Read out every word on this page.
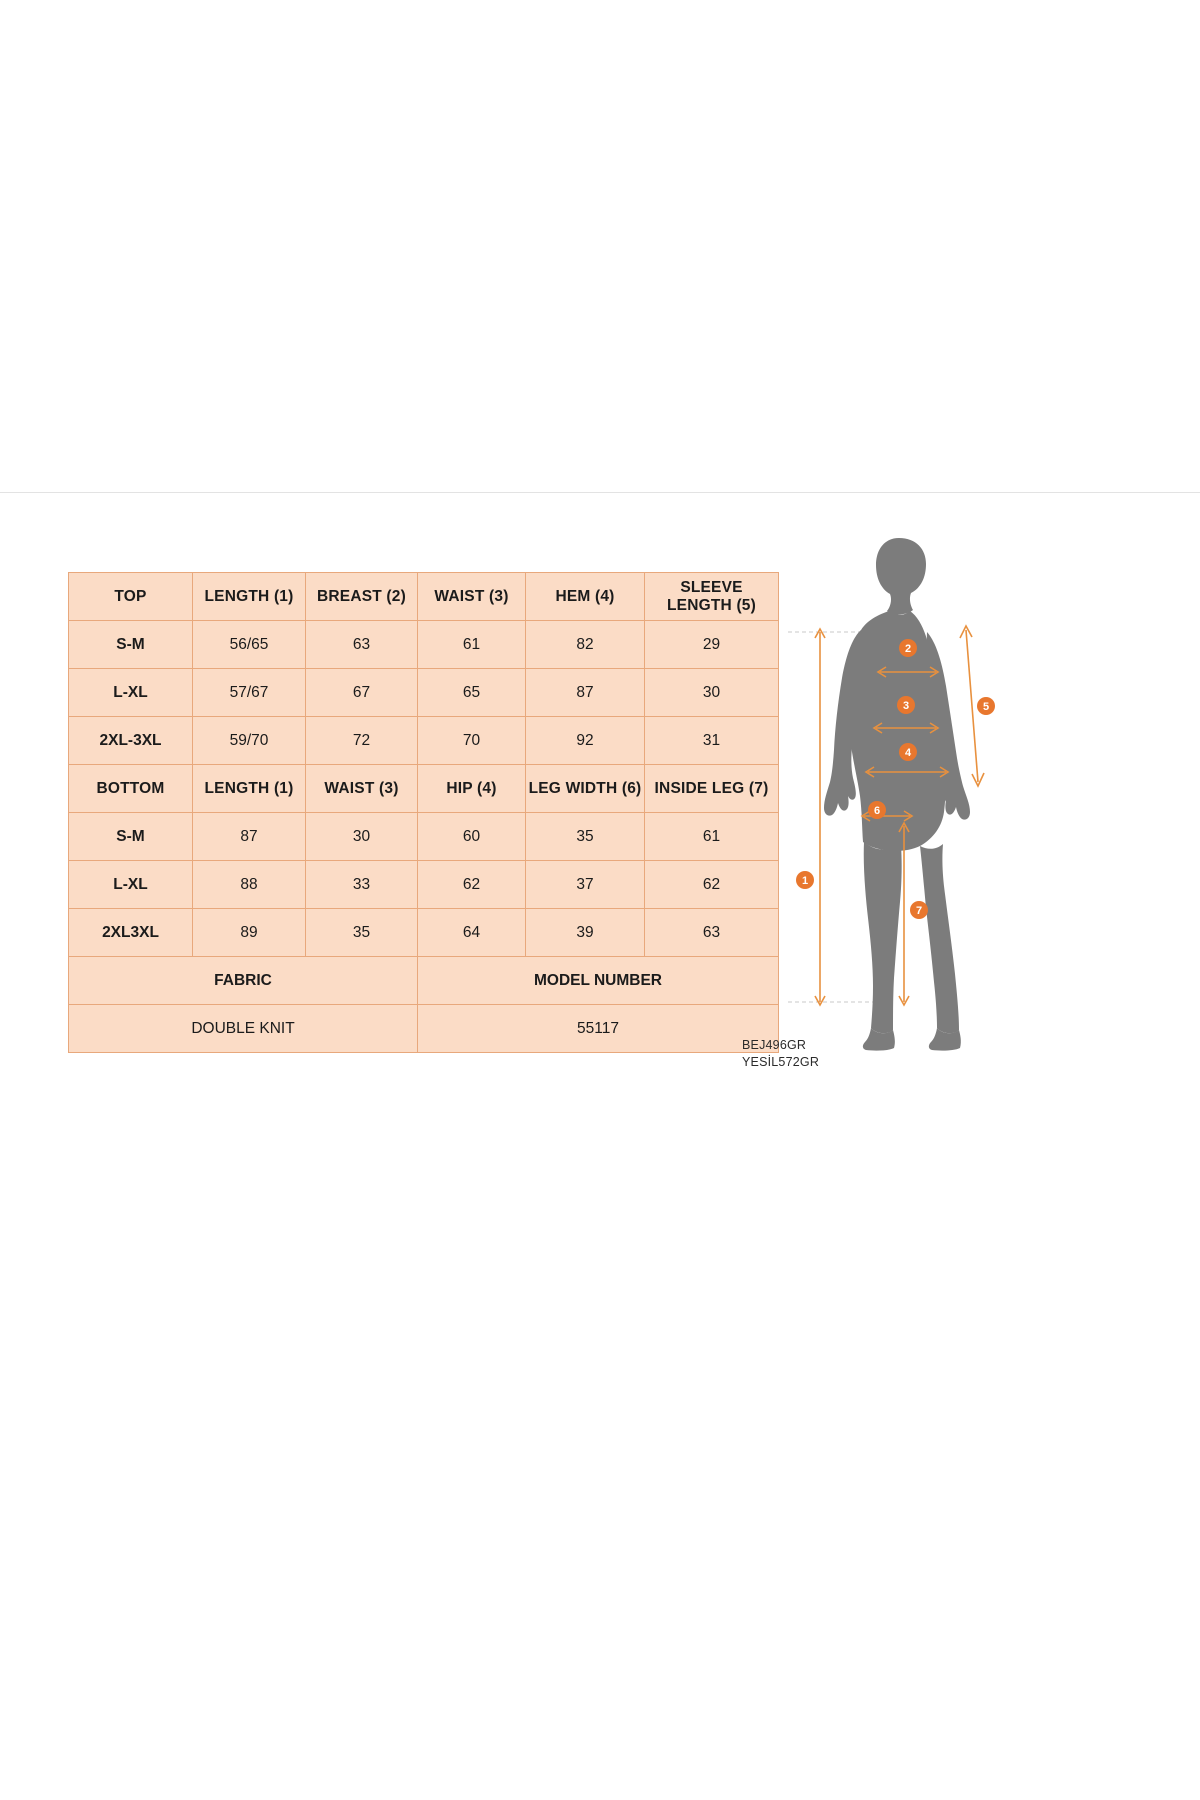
TOP	LENGTH (1)	BREAST (2)	WAIST (3)	HEM (4)	SLEEVE LENGTH (5)
S-M	56/65	63	61	82	29
L-XL	57/67	67	65	87	30
2XL-3XL	59/70	72	70	92	31
BOTTOM	LENGTH (1)	WAIST (3)	HIP (4)	LEG WIDTH (6)	INSIDE LEG (7)
S-M	87	30	60	35	61
L-XL	88	33	62	37	62
2XL3XL	89	35	64	39	63
FABRIC			MODEL NUMBER		
DOUBLE KNIT			55117		
1
2
3
4
5
6
7
BEJ496GR
YESİL572GR
